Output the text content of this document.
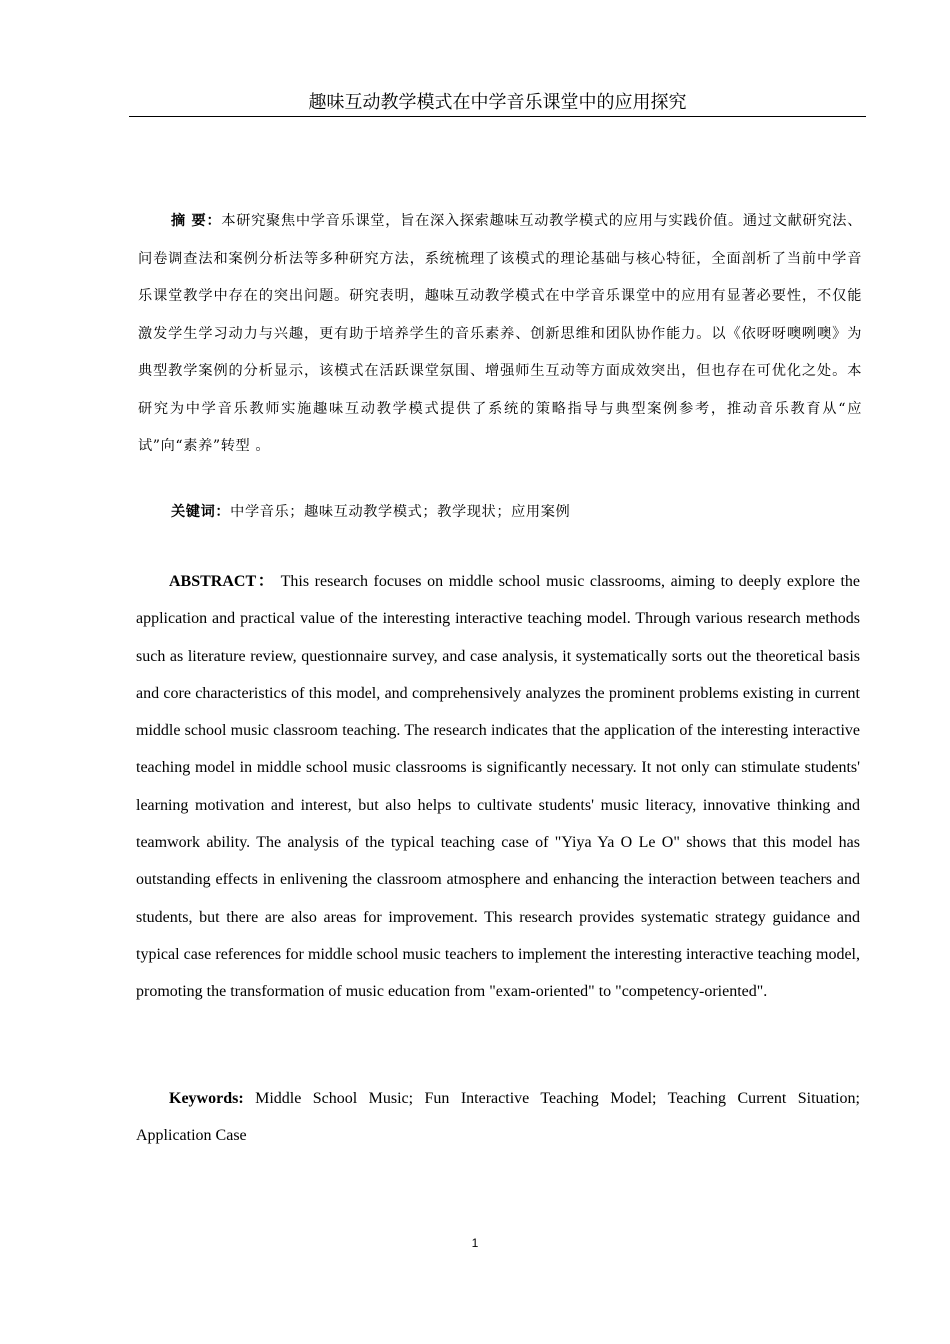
趣味互动教学模式在中学音乐课堂中的应用探究
摘 要：本研究聚焦中学音乐课堂，旨在深入探索趣味互动教学模式的应用与实践价值。通过文献研究法、问卷调查法和案例分析法等多种研究方法，系统梳理了该模式的理论基础与核心特征，全面剖析了当前中学音乐课堂教学中存在的突出问题。研究表明，趣味互动教学模式在中学音乐课堂中的应用有显著必要性，不仅能激发学生学习动力与兴趣，更有助于培养学生的音乐素养、创新思维和团队协作能力。以《依呀呀噢咧噢》为典型教学案例的分析显示，该模式在活跃课堂氛围、增强师生互动等方面成效突出，但也存在可优化之处。本研究为中学音乐教师实施趣味互动教学模式提供了系统的策略指导与典型案例参考，推动音乐教育从“应试”向“素养”转型 。
关键词：中学音乐；趣味互动教学模式；教学现状；应用案例
ABSTRACT： This research focuses on middle school music classrooms, aiming to deeply explore the application and practical value of the interesting interactive teaching model. Through various research methods such as literature review, questionnaire survey, and case analysis, it systematically sorts out the theoretical basis and core characteristics of this model, and comprehensively analyzes the prominent problems existing in current middle school music classroom teaching. The research indicates that the application of the interesting interactive teaching model in middle school music classrooms is significantly necessary. It not only can stimulate students' learning motivation and interest, but also helps to cultivate students' music literacy, innovative thinking and teamwork ability. The analysis of the typical teaching case of "Yiya Ya O Le O" shows that this model has outstanding effects in enlivening the classroom atmosphere and enhancing the interaction between teachers and students, but there are also areas for improvement. This research provides systematic strategy guidance and typical case references for middle school music teachers to implement the interesting interactive teaching model, promoting the transformation of music education from "exam-oriented" to "competency-oriented".
Keywords: Middle School Music; Fun Interactive Teaching Model; Teaching Current Situation; Application Case
1
